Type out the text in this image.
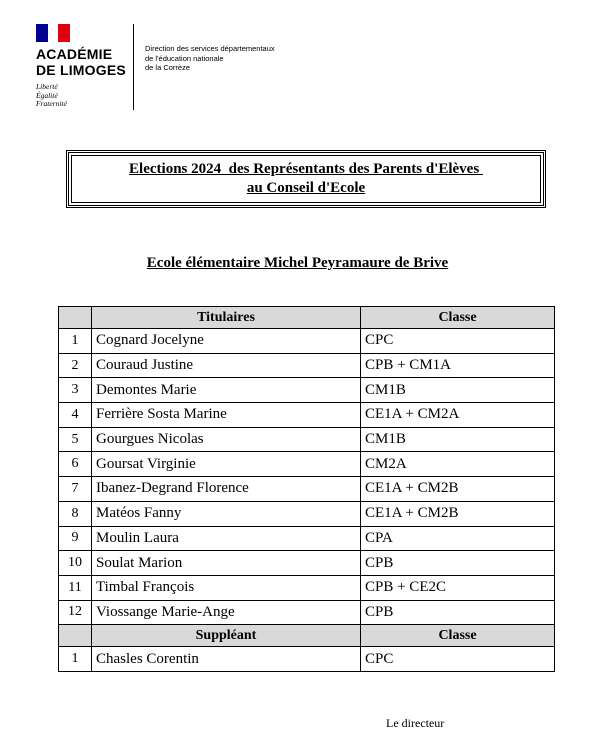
ACADÉMIE
DE LIMOGES
Liberté
Égalité
Fraternité
Direction des services départementaux
de l'éducation nationale
de la Corrèze
Elections 2024  des Représentants des Parents d'Elèves
au Conseil d'Ecole
Ecole élémentaire Michel Peyramaure de Brive
	Titulaires	Classe
1	Cognard Jocelyne	CPC
2	Couraud Justine	CPB + CM1A
3	Demontes Marie	CM1B
4	Ferrière Sosta Marine	CE1A + CM2A
5	Gourgues Nicolas	CM1B
6	Goursat Virginie	CM2A
7	Ibanez-Degrand Florence	CE1A + CM2B
8	Matéos Fanny	CE1A + CM2B
9	Moulin Laura	CPA
10	Soulat Marion	CPB
11	Timbal François	CPB + CE2C
12	Viossange Marie-Ange	CPB
	Suppléant	Classe
1	Chasles Corentin	CPC
Le directeur
